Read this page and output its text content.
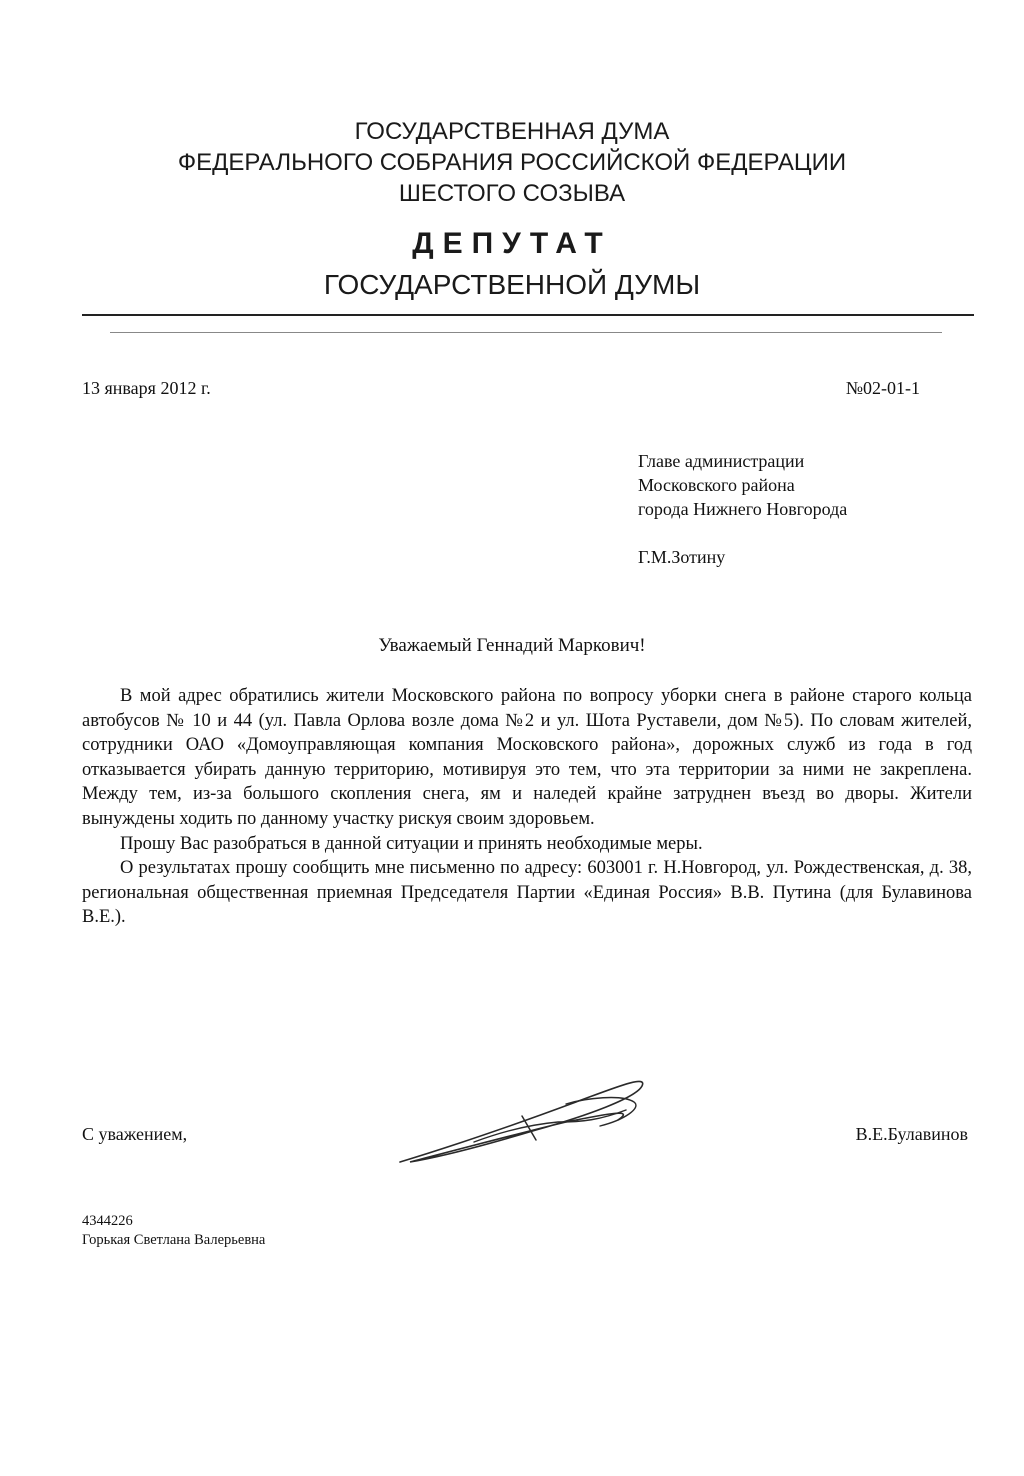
ГОСУДАРСТВЕННАЯ ДУМА
ФЕДЕРАЛЬНОГО СОБРАНИЯ РОССИЙСКОЙ ФЕДЕРАЦИИ
ШЕСТОГО СОЗЫВА
ДЕПУТАТ
ГОСУДАРСТВЕННОЙ ДУМЫ
13 января 2012 г.	№02-01-1
Главе администрации
Московского района
города Нижнего Новгорода
Г.М.Зотину
Уважаемый Геннадий Маркович!

В мой адрес обратились жители Московского района по вопросу уборки снега в районе старого кольца автобусов № 10 и 44 (ул. Павла Орлова возле дома №2 и ул. Шота Руставели, дом №5). По словам жителей, сотрудники ОАО «Домоуправляющая компания Московского района», дорожных служб из года в год отказывается убирать данную территорию, мотивируя это тем, что эта территории за ними не закреплена. Между тем, из-за большого скопления снега, ям и наледей крайне затруднен въезд во дворы. Жители вынуждены ходить по данному участку рискуя своим здоровьем.

Прошу Вас разобраться в данной ситуации и принять необходимые меры.

О результатах прошу сообщить мне письменно по адресу: 603001 г. Н.Новгород, ул. Рождественская, д. 38, региональная общественная приемная Председателя Партии «Единая Россия» В.В. Путина (для Булавинова В.Е.).

С уважением,	В.Е.Булавинов
4344226
Горькая Светлана Валерьевна
